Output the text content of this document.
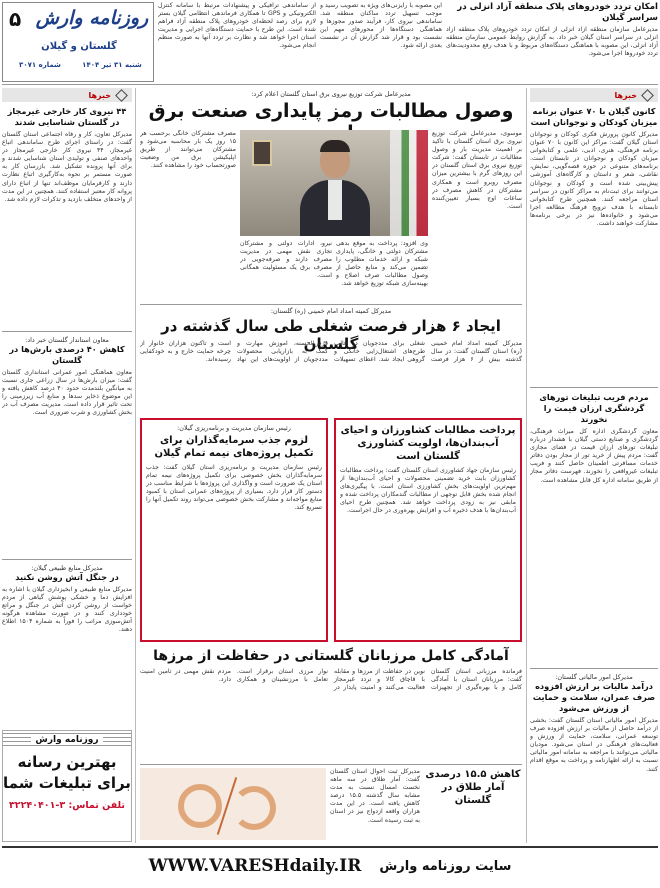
۵ روزنامه وارش
گلستان و گیلان
شنبه ۳۱ تیر ۱۴۰۴
شماره ۳۰۷۱
از ساماندهی ترافیکی و پیشنهادات مرتبط با سامانه کنترل الکترونیکی و GPS تا همکاری فرماندهی انتظامی گیلان بستر لازم برای رصد لحظه‌ای خودروهای پلاک منطقه آزاد فراهم شده است. این طرح با حمایت دستگاه‌های اجرایی و مدیریت استان اجرا خواهد شد و نظارت بر تردد آنها به صورت منظم انجام می‌شود.
این مصوبه با رایزنی‌های ویژه به تصویب رسید و موجب تسهیل تردد ساکنان منطقه شد. ساماندهی نیروی کار، فرآیند صدور مجوزها و هماهنگی دستگاه‌ها از محورهای مهم این نشست بود و قرار شد گزارش آن در نشست بعدی ارائه شود.
امکان تردد خودروهای پلاک منطقه آزاد انزلی در سراسر گیلان
مدیرعامل سازمان منطقه آزاد انزلی از امکان تردد خودروهای پلاک منطقه آزاد انزلی در سراسر استان گیلان خبر داد. به گزارش روابط عمومی سازمان منطقه آزاد انزلی، این مصوبه با هماهنگی دستگاه‌های مربوط و با هدف رفع محدودیت‌های تردد خودروها اجرا می‌شود.
خبرها
کانون گیلان با ۷۰ عنوان برنامه میزبان کودکان و نوجوانان است
مدیرکل کانون پرورش فکری کودکان و نوجوانان استان گیلان گفت: مراکز این کانون با ۷۰ عنوان برنامه فرهنگی، هنری، ادبی، علمی و کتابخوانی میزبان کودکان و نوجوانان در تابستان است. برنامه‌های متنوعی در حوزه قصه‌گویی، نمایش، نقاشی، شعر و داستان و کارگاه‌های آموزشی پیش‌بینی شده است و کودکان و نوجوانان می‌توانند برای ثبت‌نام به مراکز کانون در سراسر استان مراجعه کنند. همچنین طرح کتابخوانی تابستانه با هدف ترویج فرهنگ مطالعه اجرا می‌شود و خانواده‌ها نیز در برخی برنامه‌ها مشارکت خواهند داشت.
مردم فریب تبلیغات تورهای گردشگری ارزان قیمت را نخورند
معاون گردشگری اداره کل میراث فرهنگی، گردشگری و صنایع دستی گیلان با هشدار درباره تبلیغات تورهای ارزان قیمت در فضای مجازی گفت: مردم پیش از خرید تور از مجاز بودن دفاتر خدمات مسافرتی اطمینان حاصل کنند و فریب تبلیغات غیرواقعی را نخورند. فهرست دفاتر مجاز از طریق سامانه اداره کل قابل مشاهده است.
مدیرکل امور مالیاتی گلستان:
درآمد مالیات بر ارزش افزوده صرف عمران، سلامت و حمایت از ورزش می‌شود
مدیرکل امور مالیاتی استان گلستان گفت: بخشی از درآمد حاصل از مالیات بر ارزش افزوده صرف توسعه عمرانی، سلامت، حمایت از ورزش و فعالیت‌های فرهنگی در استان می‌شود. مودیان مالیاتی می‌توانند با مراجعه به سامانه امور مالیاتی نسبت به ارائه اظهارنامه و پرداخت به موقع اقدام کنند.
خبرها
۴۴ نیروی کار خارجی غیرمجاز در گلستان شناسایی شدند
مدیرکل تعاون، کار و رفاه اجتماعی استان گلستان گفت: در راستای اجرای طرح ساماندهی اتباع غیرمجاز، ۴۴ نیروی کار خارجی غیرمجاز در واحدهای صنفی و تولیدی استان شناسایی شدند و برای آنها پرونده تشکیل شد. بازرسان کار به صورت مستمر بر نحوه به‌کارگیری اتباع نظارت دارند و کارفرمایان موظف‌اند تنها از اتباع دارای پروانه کار معتبر استفاده کنند. همچنین در این مدت از واحدهای متخلف بازدید و تذکرات لازم داده شد.
معاون استاندار گلستان خبر داد:
کاهش ۴۰ درصدی بارش‌ها در گلستان
معاون هماهنگی امور عمرانی استانداری گلستان گفت: میزان بارش‌ها در سال زراعی جاری نسبت به میانگین بلندمدت حدود ۴۰ درصد کاهش یافته و این موضوع ذخایر سدها و منابع آب زیرزمینی را تحت تاثیر قرار داده است. مدیریت مصرف آب در بخش کشاورزی و شرب ضروری است.
مدیرکل منابع طبیعی گیلان:
در جنگل آتش روشن نکنید
مدیرکل منابع طبیعی و آبخیزداری گیلان با اشاره به افزایش دما و خشکی پوشش گیاهی از مردم خواست از روشن کردن آتش در جنگل و مراتع خودداری کنند و در صورت مشاهده هرگونه آتش‌سوزی مراتب را فوراً به شماره ۱۵۰۴ اطلاع دهند.
روزنامه وارش
بهترین رسانه
برای تبلیغات شما
تلفن تماس: ۳-۳۲۲۴۰۴۰۱
مدیرعامل شرکت توزیع نیروی برق استان گلستان اعلام کرد:
وصول مطالبات رمز پایداری صنعت برق
موسوی، مدیرعامل شرکت توزیع نیروی برق استان گلستان با تاکید بر اهمیت مدیریت بار و وصول مطالبات در تابستان گفت: شرکت توزیع نیروی برق استان گلستان در این روزهای گرم با بیشترین میزان مصرف روبرو است و همکاری مشترکان در کاهش مصرف در ساعات اوج بسیار تعیین‌کننده است.
وی افزود: پرداخت به موقع بدهی مشترکان دولتی و خانگی، پایداری شبکه و ارائه خدمات مطلوب را تضمین می‌کند و منابع حاصل از وصول مطالبات صرف اصلاح و بهینه‌سازی شبکه توزیع خواهد شد.
نیرو، ادارات دولتی و مشترکان تجاری نقش مهمی در مدیریت مصرف دارند و صرفه‌جویی در مصرف برق یک مسئولیت همگانی است.
مصرف مشترکان خانگی برحسب هر ۱۵ روز یک بار محاسبه می‌شود و مشترکان می‌توانند از طریق اپلیکیشن برق من وضعیت صورتحساب خود را مشاهده کنند.
مدیرکل کمیته امداد امام خمینی (ره) گلستان:
ایجاد ۶ هزار فرصت شغلی طی سال گذشته در گلستان	مدیرکل کمیته امداد امام خمینی (ره) استان گلستان گفت: در سال گذشته بیش از ۶ هزار فرصت شغلی برای مددجویان در قالب طرح‌های اشتغال‌زایی خانگی و گروهی ایجاد شد. اعطای تسهیلات قرض‌الحسنه، آموزش مهارت و کمک به بازاریابی محصولات مددجویان از اولویت‌های این نهاد است و تاکنون هزاران خانوار از چرخه حمایت خارج و به خودکفایی رسیده‌اند.
پرداخت مطالبات کشاورزان و احیای آب‌بندان‌ها، اولویت کشاورزی گلستان است
رئیس سازمان جهاد کشاورزی استان گلستان گفت: پرداخت مطالبات کشاورزان بابت خرید تضمینی محصولات و احیای آب‌بندان‌ها از مهم‌ترین اولویت‌های بخش کشاورزی استان است. با پیگیری‌های انجام شده بخش قابل توجهی از مطالبات گندمکاران پرداخت شده و مابقی نیز به زودی پرداخت خواهد شد. همچنین طرح احیای آب‌بندان‌ها با هدف ذخیره آب و افزایش بهره‌وری در حال اجراست.
رئیس سازمان مدیریت و برنامه‌ریزی گیلان:
لزوم جذب سرمایه‌گذاران برای تکمیل پروژه‌های نیمه تمام گیلان
رئیس سازمان مدیریت و برنامه‌ریزی استان گیلان گفت: جذب سرمایه‌گذاران بخش خصوصی برای تکمیل پروژه‌های نیمه تمام استان یک ضرورت است و واگذاری این پروژه‌ها با شرایط مناسب در دستور کار قرار دارد. بسیاری از پروژه‌های عمرانی استان با کمبود منابع مواجه‌اند و مشارکت بخش خصوصی می‌تواند روند تکمیل آنها را تسریع کند.
آمادگی کامل مرزبانان گلستانی در حفاظت از مرزها
فرمانده مرزبانی استان گلستان گفت: مرزبانان استان با آمادگی کامل و با بهره‌گیری از تجهیزات نوین در حفاظت از مرزها و مقابله با قاچاق کالا و تردد غیرمجاز فعالیت می‌کنند و امنیت پایدار در نوار مرزی استان برقرار است. تعامل با مرزنشینان و همکاری مردم نقش مهمی در تامین امنیت دارد.
کاهش ۱۵.۵ درصدی آمار طلاق در گلستان
مدیرکل ثبت احوال استان گلستان گفت: آمار طلاق در سه ماهه نخست امسال نسبت به مدت مشابه سال گذشته ۱۵.۵ درصد کاهش یافته است. در این مدت هزاران واقعه ازدواج نیز در استان به ثبت رسیده است.
WWW.VARESHdaily.IR سایت روزنامه وارش
